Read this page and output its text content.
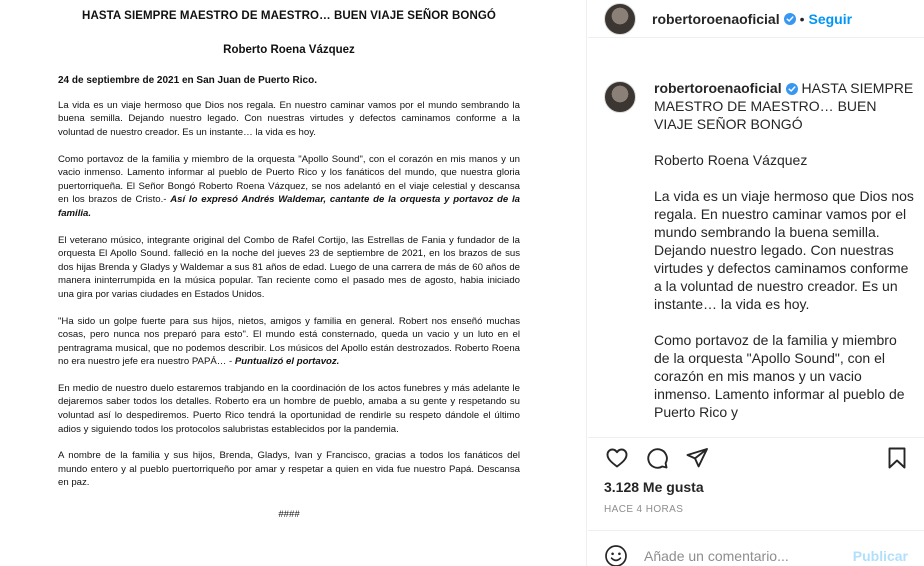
HASTA SIEMPRE MAESTRO DE MAESTRO… BUEN VIAJE SEÑOR BONGÓ
Roberto Roena Vázquez
24 de septiembre de 2021 en San Juan de Puerto Rico.

La vida es un viaje hermoso que Dios nos regala. En nuestro caminar vamos por el mundo sembrando la buena semilla. Dejando nuestro legado. Con nuestras virtudes y defectos caminamos conforme a la voluntad de nuestro creador. Es un instante… la vida es hoy.

Como portavoz de la familia y miembro de la orquesta "Apollo Sound", con el corazón en mis manos y un vacio inmenso. Lamento informar al pueblo de Puerto Rico y los fanáticos del mundo, que nuestra gloria puertorriqueña. El Señor Bongó Roberto Roena Vázquez, se nos adelantó en el viaje celestial y descansa en los brazos de Cristo.- Así lo expresó Andrés Waldemar, cantante de la orquesta y portavoz de la familia.

El veterano músico, integrante original del Combo de Rafel Cortijo, las Estrellas de Fania y fundador de la orquesta El Apollo Sound. falleció en la noche del jueves 23 de septiembre de 2021, en los brazos de sus dos hijas Brenda y Gladys y Waldemar a sus 81 años de edad. Luego de una carrera de más de 60 años de manera ininterrumpida en la música popular. Tan reciente como el pasado mes de agosto, habia iniciado una gira por varias ciudades en Estados Unidos.

"Ha sido un golpe fuerte para sus hijos, nietos, amigos y familia en general. Robert nos enseñó muchas cosas, pero nunca nos preparó para esto". El mundo está consternado, queda un vacio y un luto en el pentragrama musical, que no podemos describir. Los músicos del Apollo están destrozados. Roberto Roena no era nuestro jefe era nuestro PAPÁ… - Puntualizó el portavoz.

En medio de nuestro duelo estaremos trabjando en la coordinación de los actos funebres y más adelante le dejaremos saber todos los detalles. Roberto era un hombre de pueblo, amaba a su gente y respetando su voluntad así lo despediremos. Puerto Rico tendrá la oportunidad de rendirle su respeto dándole el último adios y siguiendo todos los protocolos salubristas establecidos por la pandemia.

A nombre de la familia y sus hijos, Brenda, Gladys, Ivan y Francisco, gracias a todos los fanáticos del mundo entero y al pueblo puertorriqueño por amar y respetar a quien en vida fue nuestro Papá. Descansa en paz.

####
robertoroenaoficial • Seguir

robertoroenaoficial HASTA SIEMPRE MAESTRO DE MAESTRO… BUEN VIAJE SEÑOR BONGÓ

Roberto Roena Vázquez

La vida es un viaje hermoso que Dios nos regala. En nuestro caminar vamos por el mundo sembrando la buena semilla. Dejando nuestro legado. Con nuestras virtudes y defectos caminamos conforme a la voluntad de nuestro creador. Es un instante… la vida es hoy.

Como portavoz de la familia y miembro de la orquesta "Apollo Sound", con el corazón en mis manos y un vacio inmenso. Lamento informar al pueblo de Puerto Rico y

3.128 Me gusta
HACE 4 HORAS
Añade un comentario...
Publicar
